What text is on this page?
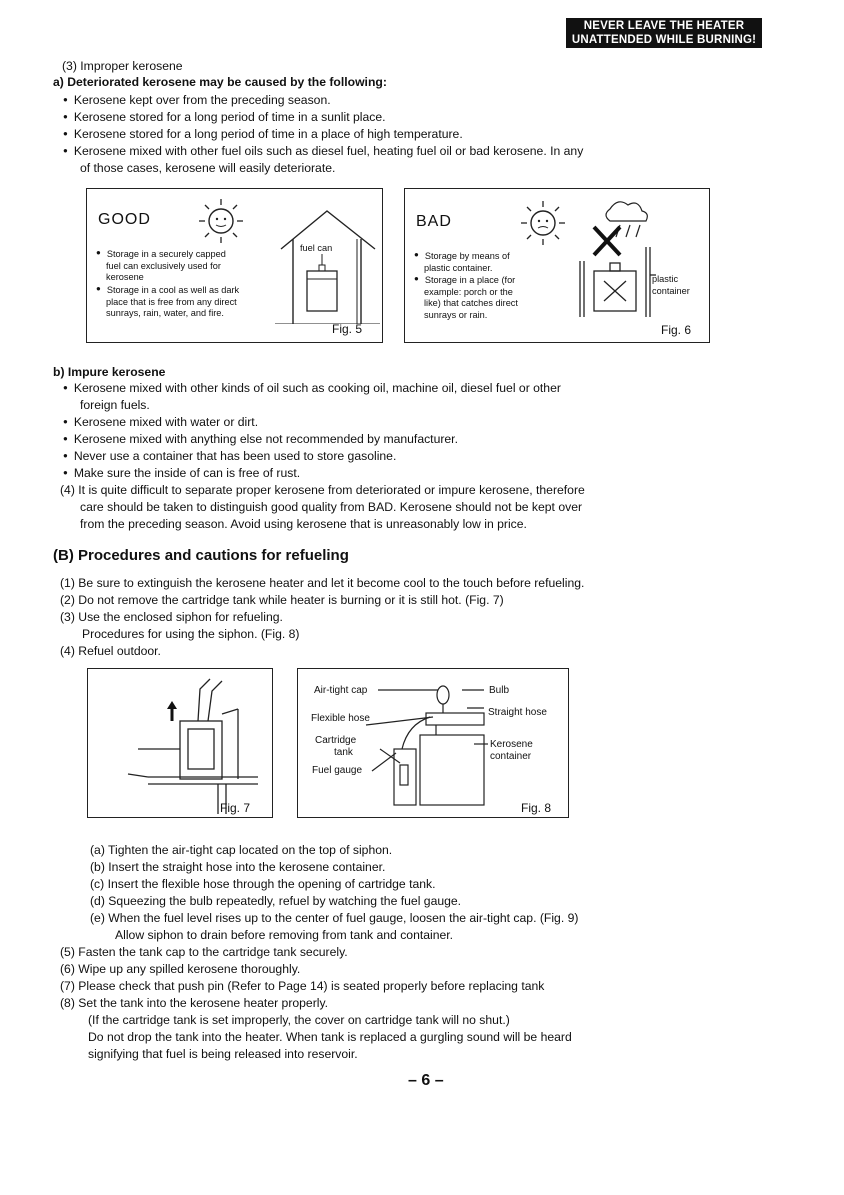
NEVER LEAVE THE HEATER
UNATTENDED WHILE BURNING!
(3) Improper kerosene
a) Deteriorated kerosene may be caused by the following:
● Kerosene kept over from the preceding season.
● Kerosene stored for a long period of time in a sunlit place.
● Kerosene stored for a long period of time in a place of high temperature.
● Kerosene mixed with other fuel oils such as diesel fuel, heating fuel oil or bad kerosene. In any
of those cases, kerosene will easily deteriorate.
GOOD
● Storage in a securely capped
fuel can exclusively used for
kerosene
● Storage in a cool as well as dark
place that is free from any direct
sunrays, rain, water, and fire.
fuel can
Fig. 5
BAD
● Storage by means of
plastic container.
● Storage in a place (for
example: porch or the
like) that catches direct
sunrays or rain.
plastic
container
Fig. 6
b) Impure kerosene
● Kerosene mixed with other kinds of oil such as cooking oil, machine oil, diesel fuel or other
foreign fuels.
● Kerosene mixed with water or dirt.
● Kerosene mixed with anything else not recommended by manufacturer.
● Never use a container that has been used to store gasoline.
● Make sure the inside of can is free of rust.
(4) It is quite difficult to separate proper kerosene from deteriorated or impure kerosene, therefore
care should be taken to distinguish good quality from BAD. Kerosene should not be kept over
from the preceding season. Avoid using kerosene that is unreasonably low in price.
(B) Procedures and cautions for refueling
(1) Be sure to extinguish the kerosene heater and let it become cool to the touch before refueling.
(2) Do not remove the cartridge tank while heater is burning or it is still hot. (Fig. 7)
(3) Use the enclosed siphon for refueling.
Procedures for using the siphon. (Fig. 8)
(4) Refuel outdoor.
Fig. 7
Air-tight cap	Bulb
Flexible hose
Straight hose
Cartridge
tank
Kerosene
container
Fuel gauge
Fig. 8
(a) Tighten the air-tight cap located on the top of siphon.
(b) Insert the straight hose into the kerosene container.
(c) Insert the flexible hose through the opening of cartridge tank.
(d) Squeezing the bulb repeatedly, refuel by watching the fuel gauge.
(e) When the fuel level rises up to the center of fuel gauge, loosen the air-tight cap. (Fig. 9)
Allow siphon to drain before removing from tank and container.
(5) Fasten the tank cap to the cartridge tank securely.
(6) Wipe up any spilled kerosene thoroughly.
(7) Please check that push pin (Refer to Page 14) is seated properly before replacing tank
(8) Set the tank into the kerosene heater properly.
(If the cartridge tank is set improperly, the cover on cartridge tank will no shut.)
Do not drop the tank into the heater. When tank is replaced a gurgling sound will be heard
signifying that fuel is being released into reservoir.
– 6 –
